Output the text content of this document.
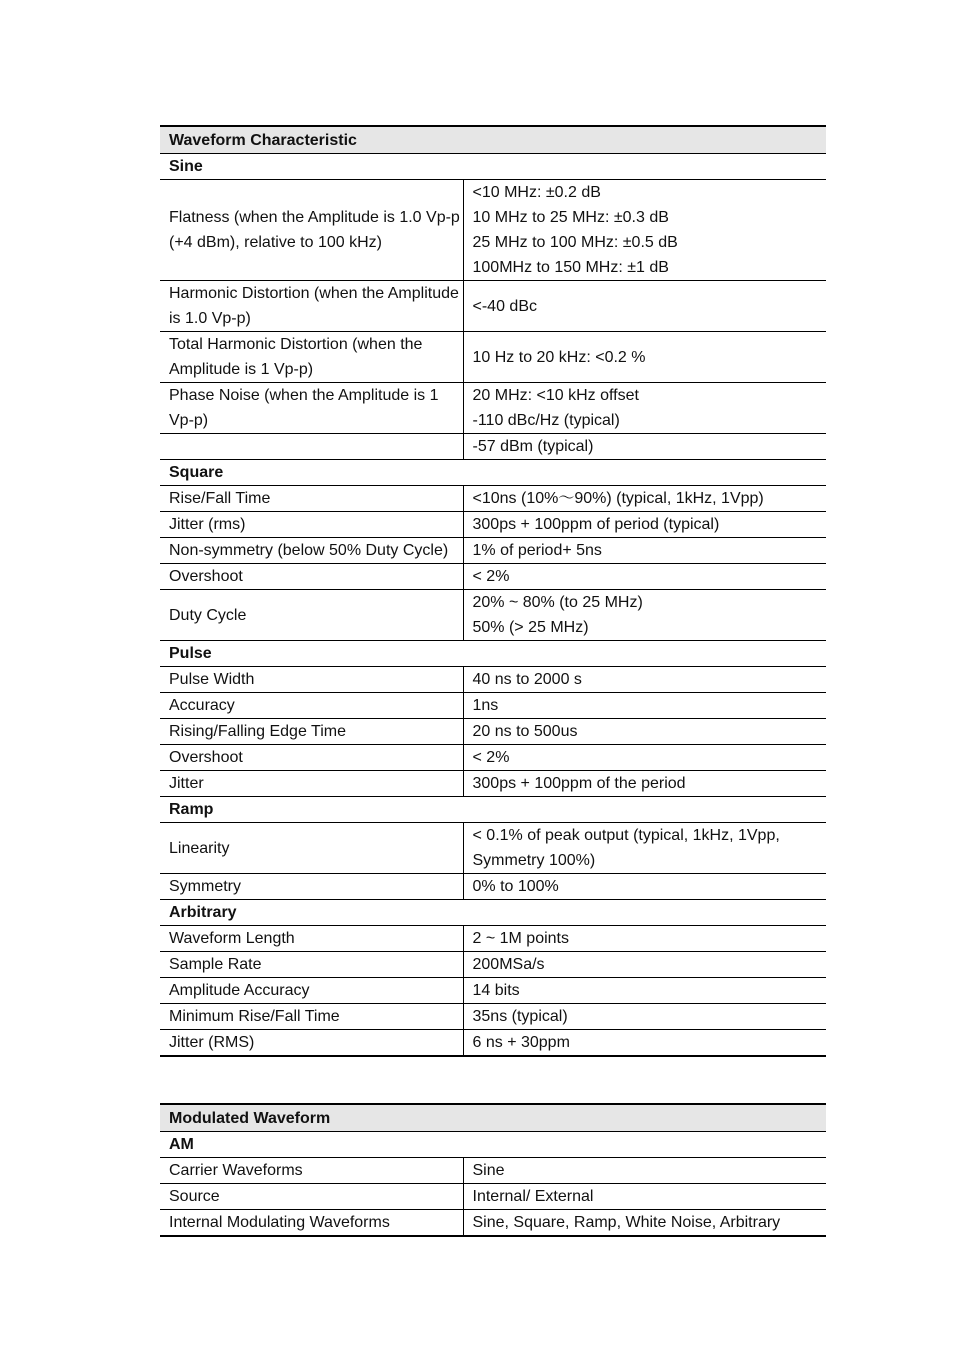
Waveform Characteristic	
Sine	
Flatness (when the Amplitude is 1.0 Vp-p (+4 dBm), relative to 100 kHz)	<10 MHz: ±0.2 dB
10 MHz to 25 MHz: ±0.3 dB
25 MHz to 100 MHz: ±0.5 dB
100MHz to 150 MHz: ±1 dB

Harmonic Distortion (when the Amplitude is 1.0 Vp-p)	<-40 dBc

Total Harmonic Distortion (when the Amplitude is 1 Vp-p)	10 Hz to 20 kHz: <0.2 %

Phase Noise (when the Amplitude is 1 Vp-p)	20 MHz: <10 kHz offset
-110 dBc/Hz (typical)

	-57 dBm (typical)

Square	
Rise/Fall Time	<10ns (10%～90%) (typical, 1kHz, 1Vpp)

Jitter (rms)	300ps + 100ppm of period (typical)

Non-symmetry (below 50% Duty Cycle)	1% of period+ 5ns

Overshoot	< 2%

Duty Cycle	20% ~ 80% (to 25 MHz)
50% (> 25 MHz)

Pulse	
Pulse Width	40 ns to 2000 s

Accuracy	1ns

Rising/Falling Edge Time	20 ns to 500us

Overshoot	< 2%

Jitter	300ps + 100ppm of the period

Ramp	
Linearity	< 0.1% of peak output (typical, 1kHz, 1Vpp,
Symmetry 100%)

Symmetry	0% to 100%

Arbitrary	
Waveform Length	2 ~ 1M points

Sample Rate	200MSa/s

Amplitude Accuracy	14 bits

Minimum Rise/Fall Time	35ns (typical)

Jitter (RMS)	6 ns + 30ppm
Modulated Waveform	
AM	
Carrier Waveforms	Sine

Source	Internal/ External

Internal Modulating Waveforms	Sine, Square, Ramp, White Noise, Arbitrary
